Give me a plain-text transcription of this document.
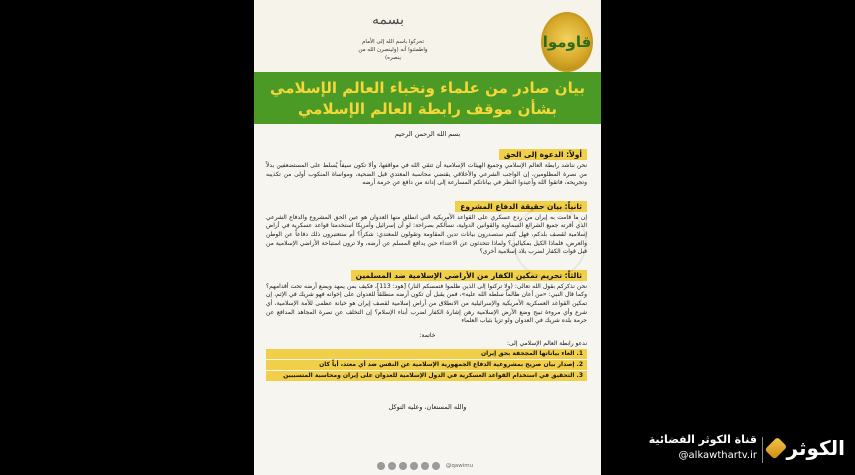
قاوموا
بسمه
تحركوا باسم الله إلى الأمام واطمئنوا أنه (ولينصرن الله من ينصره)
بيان صادر من علماء ونخباء العالم الإسلامي
بشأن موقف رابطة العالم الإسلامي
بسم الله الرحمن الرحيم
أولاً: الدعوة إلى الحق
نحن نناشد رابطة العالم الإسلامي وجميع الهيئات الإسلامية أن تتقي الله في مواقفها، وألا تكون سيفاً يُسلط على المستضعفين بدلاً من نصرة المظلومين، إن الواجب الشرعي والأخلاقي يقتضي محاسبة المعتدي قبل الضحية، ومواساة المنكوب أولى من تكذيبه وتجريحه، فاتقوا الله وأعيدوا النظر في بياناتكم المسارعة إلى إدانة من دافع عن حرمة أرضه
ثانياً: بيان حقيقة الدفاع المشروع
إن ما قامت به إيران من ردع عسكري على القواعد الأمريكية التي انطلق منها العدوان هو عين الحق المشروع والدفاع الشرعي الذي أقرته جميع الشرائع السماوية والقوانين الدولية، نسألكم بصراحة: لو أن إسرائيل وأمريكا استخدمتا قواعد عسكرية في أراض إسلامية لقصف بلدكم، فهل كنتم ستصدرون بيانات تدين المقاومة وتقولون للمعتدي: شكراً؟ أم ستعتبرون ذلك دفاعاً عن الوطن والعرض، فلماذا الكيل بمكيالين؟ ولماذا تتحدثون عن الاعتداء حين يدافع المسلم عن أرضه، ولا ترون استباحة الأراضي الإسلامية من قبل قوات الكفار لضرب بلاد إسلامية أخرى؟
ثالثاً: تحريم تمكين الكفار من الأراضي الإسلامية ضد المسلمين
نحن نذكركم بقول الله تعالى: (ولا تركنوا إلى الذين ظلموا فتمسكم النار) [هود: 113]، فكيف بمن يمهد ويضع أرضه تحت أقدامهم؟ وكما قال النبي: «من أعان ظالماً سلطه الله عليه»، فمن يقبل أن تكون أرضه منطلقاً للعدوان على إخوانه فهو شريك في الإثم، إن تمكين القواعد العسكرية الأمريكية والإسرائيلية من الانطلاق من أراض إسلامية لقصف إيران هو خيانة عظمى للأمة الإسلامية، أي شرع وأي مروءة تبيح وضع الأرض الإسلامية رهن إشارة الكفار لضرب أبناء الإسلام؟ إن التخلف عن نصرة المجاهد المدافع عن حرمة بلده شريك في العدوان ولو تزيا بثياب العلماء
خاتمة:
ندعو رابطة العالم الإسلامي إلى:
1. الغاء بياناتها المجحفة بحق إيران
2. إصدار بيان صريح بمشروعية الدفاع الجمهورية الإسلامية عن النفس ضد أي معتد، أياً كان
3. التحقيق في استخدام القواعد العسكرية في الدول الإسلامية للعدوان على إيران ومحاسبة المتسببين
والله المستعان، وعليه التوكل
@qawimu
الكوثر
قناة الكوثر الفضائية
@alkawthartv.ir
